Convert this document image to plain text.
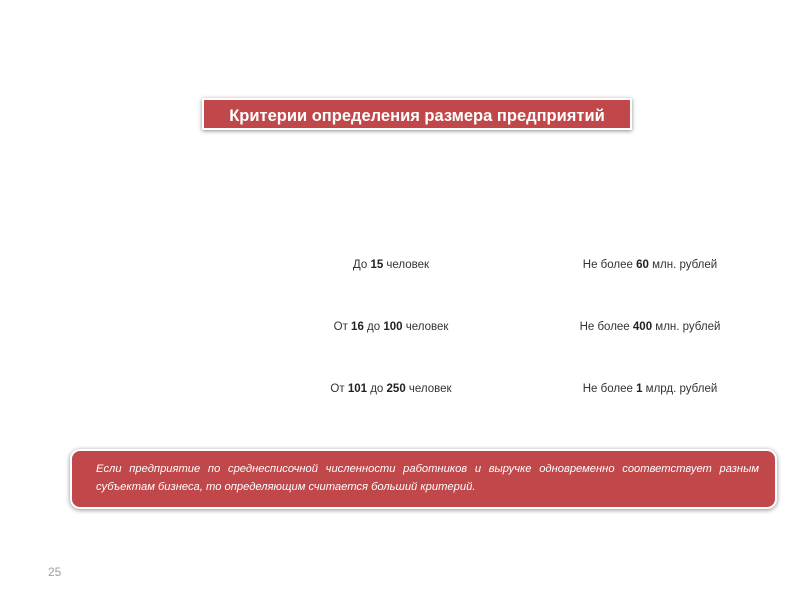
Критерии определения размера предприятий
До 15 человек	Не более 60 млн. рублей
От 16 до 100 человек	Не более 400 млн. рублей
От 101 до 250 человек	Не более 1 млрд. рублей
Если предприятие по среднесписочной численности работников и выручке одновременно соответствует разным субъектам бизнеса, то определяющим считается больший критерий.
25
